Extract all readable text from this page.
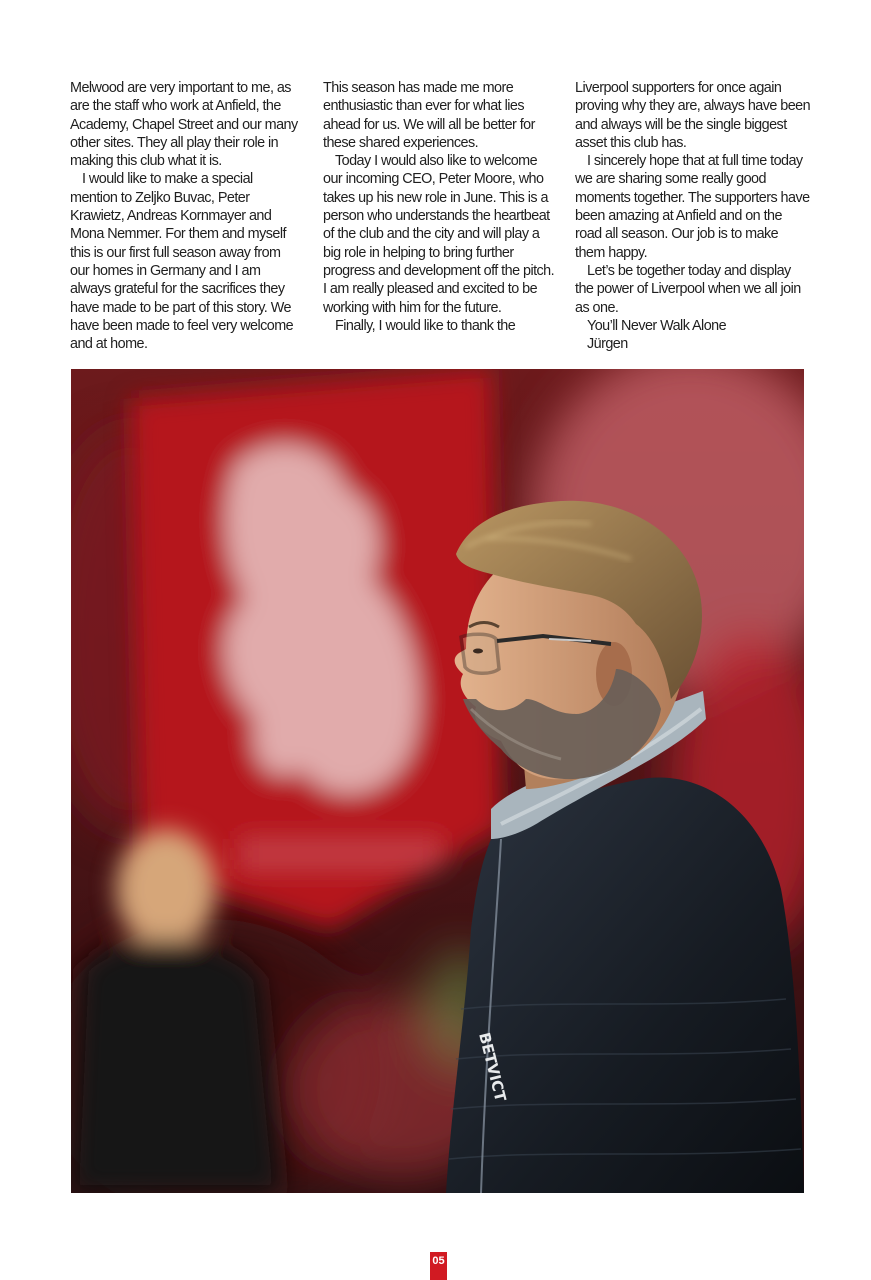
Melwood are very important to me, as are the staff who work at Anfield, the Academy, Chapel Street and our many other sites. They all play their role in making this club what it is.

I would like to make a special mention to Zeljko Buvac, Peter Krawietz, Andreas Kornmayer and Mona Nemmer. For them and myself this is our first full season away from our homes in Germany and I am always grateful for the sacrifices they have made to be part of this story. We have been made to feel very welcome and at home.

This season has made me more enthusiastic than ever for what lies ahead for us. We will all be better for these shared experiences.

Today I would also like to welcome our incoming CEO, Peter Moore, who takes up his new role in June. This is a person who understands the heartbeat of the club and the city and will play a big role in helping to bring further progress and development off the pitch. I am really pleased and excited to be working with him for the future.

Finally, I would like to thank the

Liverpool supporters for once again proving why they are, always have been and always will be the single biggest asset this club has.

I sincerely hope that at full time today we are sharing some really good moments together. The supporters have been amazing at Anfield and on the road all season. Our job is to make them happy.

Let’s be together today and display the power of Liverpool when we all join as one.

You’ll Never Walk Alone

Jürgen

BETVICT
05
